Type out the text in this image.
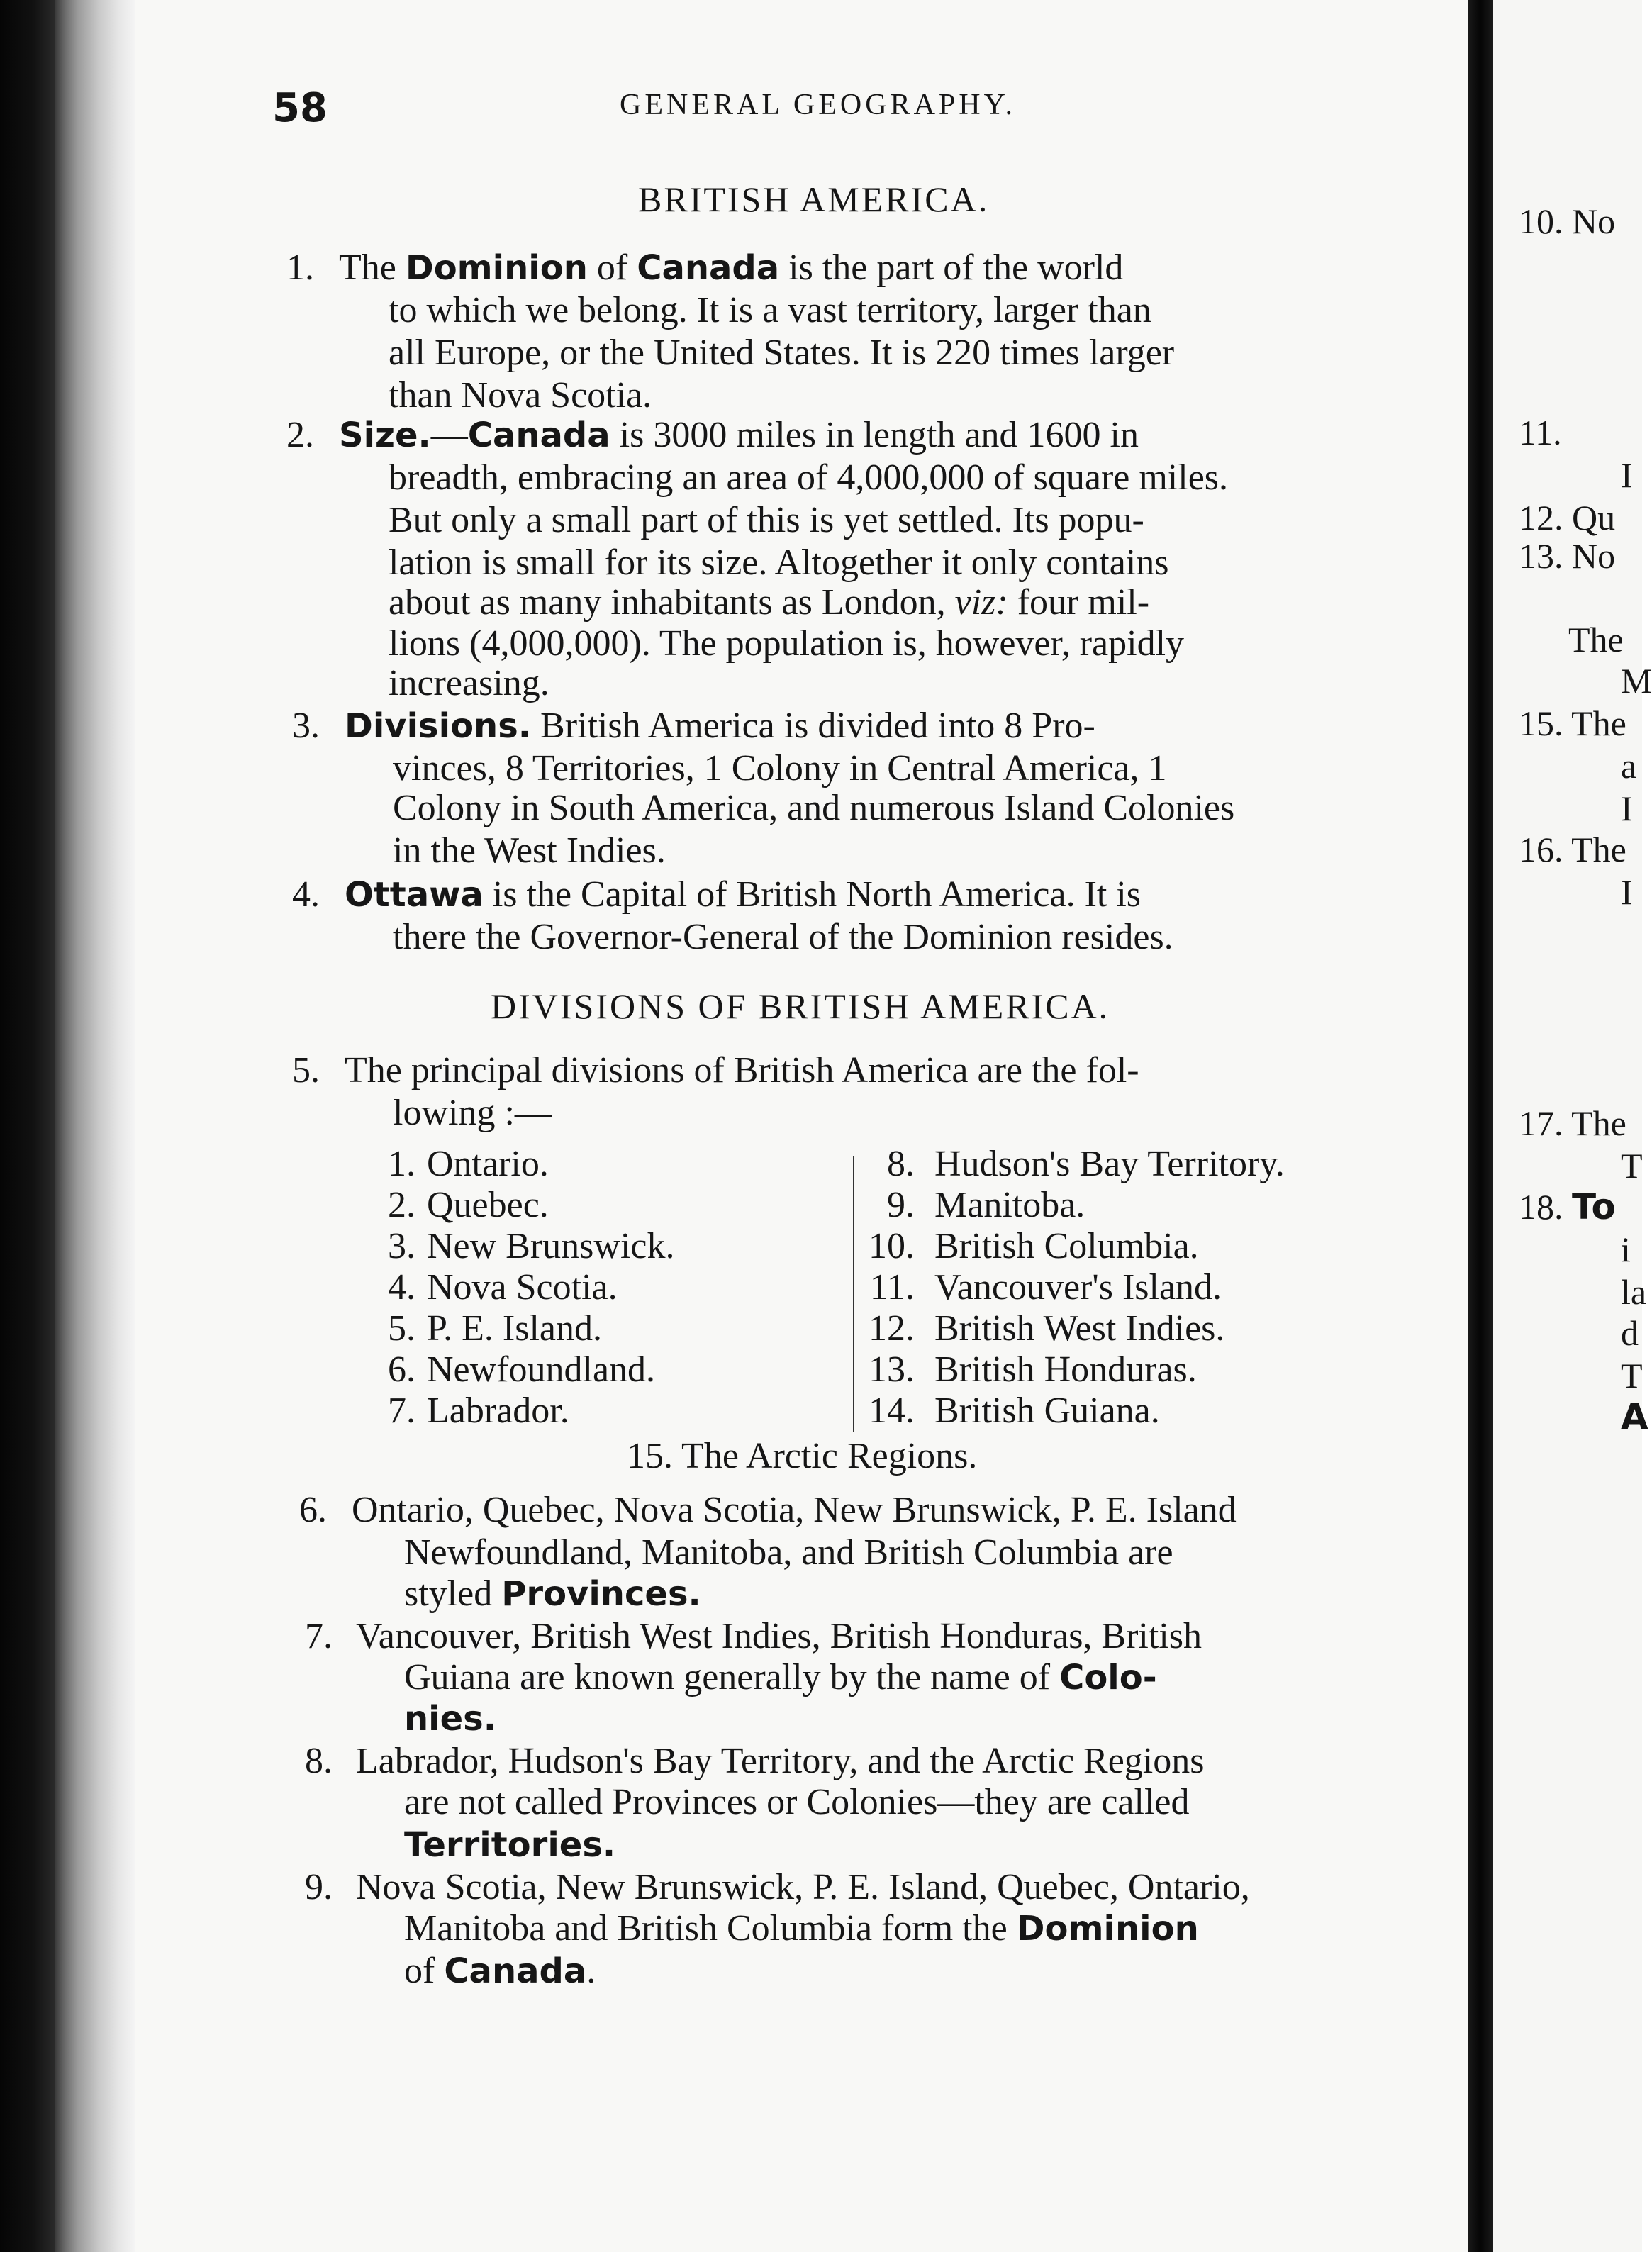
58	GENERAL GEOGRAPHY.
BRITISH AMERICA.
1. The Dominion of Canada is the part of the world
to which we belong. It is a vast territory, larger than
all Europe, or the United States. It is 220 times larger
than Nova Scotia.
2. Size.—Canada is 3000 miles in length and 1600 in
breadth, embracing an area of 4,000,000 of square miles.
But only a small part of this is yet settled. Its popu-
lation is small for its size. Altogether it only contains
about as many inhabitants as London, viz: four mil-
lions (4,000,000). The population is, however, rapidly
increasing.
3. Divisions. British America is divided into 8 Pro-
vinces, 8 Territories, 1 Colony in Central America, 1
Colony in South America, and numerous Island Colonies
in the West Indies.
4. Ottawa is the Capital of British North America. It is
there the Governor-General of the Dominion resides.
DIVISIONS OF BRITISH AMERICA.
5. The principal divisions of British America are the fol-
lowing :—
1. Ontario.
2. Quebec.
3. New Brunswick.
4. Nova Scotia.
5. P. E. Island.
6. Newfoundland.
7. Labrador.
8. Hudson's Bay Territory.
9. Manitoba.
10. British Columbia.
11. Vancouver's Island.
12. British West Indies.
13. British Honduras.
14. British Guiana.
15. The Arctic Regions.
6. Ontario, Quebec, Nova Scotia, New Brunswick, P. E. Island
Newfoundland, Manitoba, and British Columbia are
styled Provinces.
7. Vancouver, British West Indies, British Honduras, British
Guiana are known generally by the name of Colo-
nies.
8. Labrador, Hudson's Bay Territory, and the Arctic Regions
are not called Provinces or Colonies—they are called
Territories.
9. Nova Scotia, New Brunswick, P. E. Island, Quebec, Ontario,
Manitoba and British Columbia form the Dominion
of Canada.
10. No
11.
I
12. Qu
13. No
The
M
15. The
a
I
16. The
I
17. The
T
18. To
i
la
d
T
A
